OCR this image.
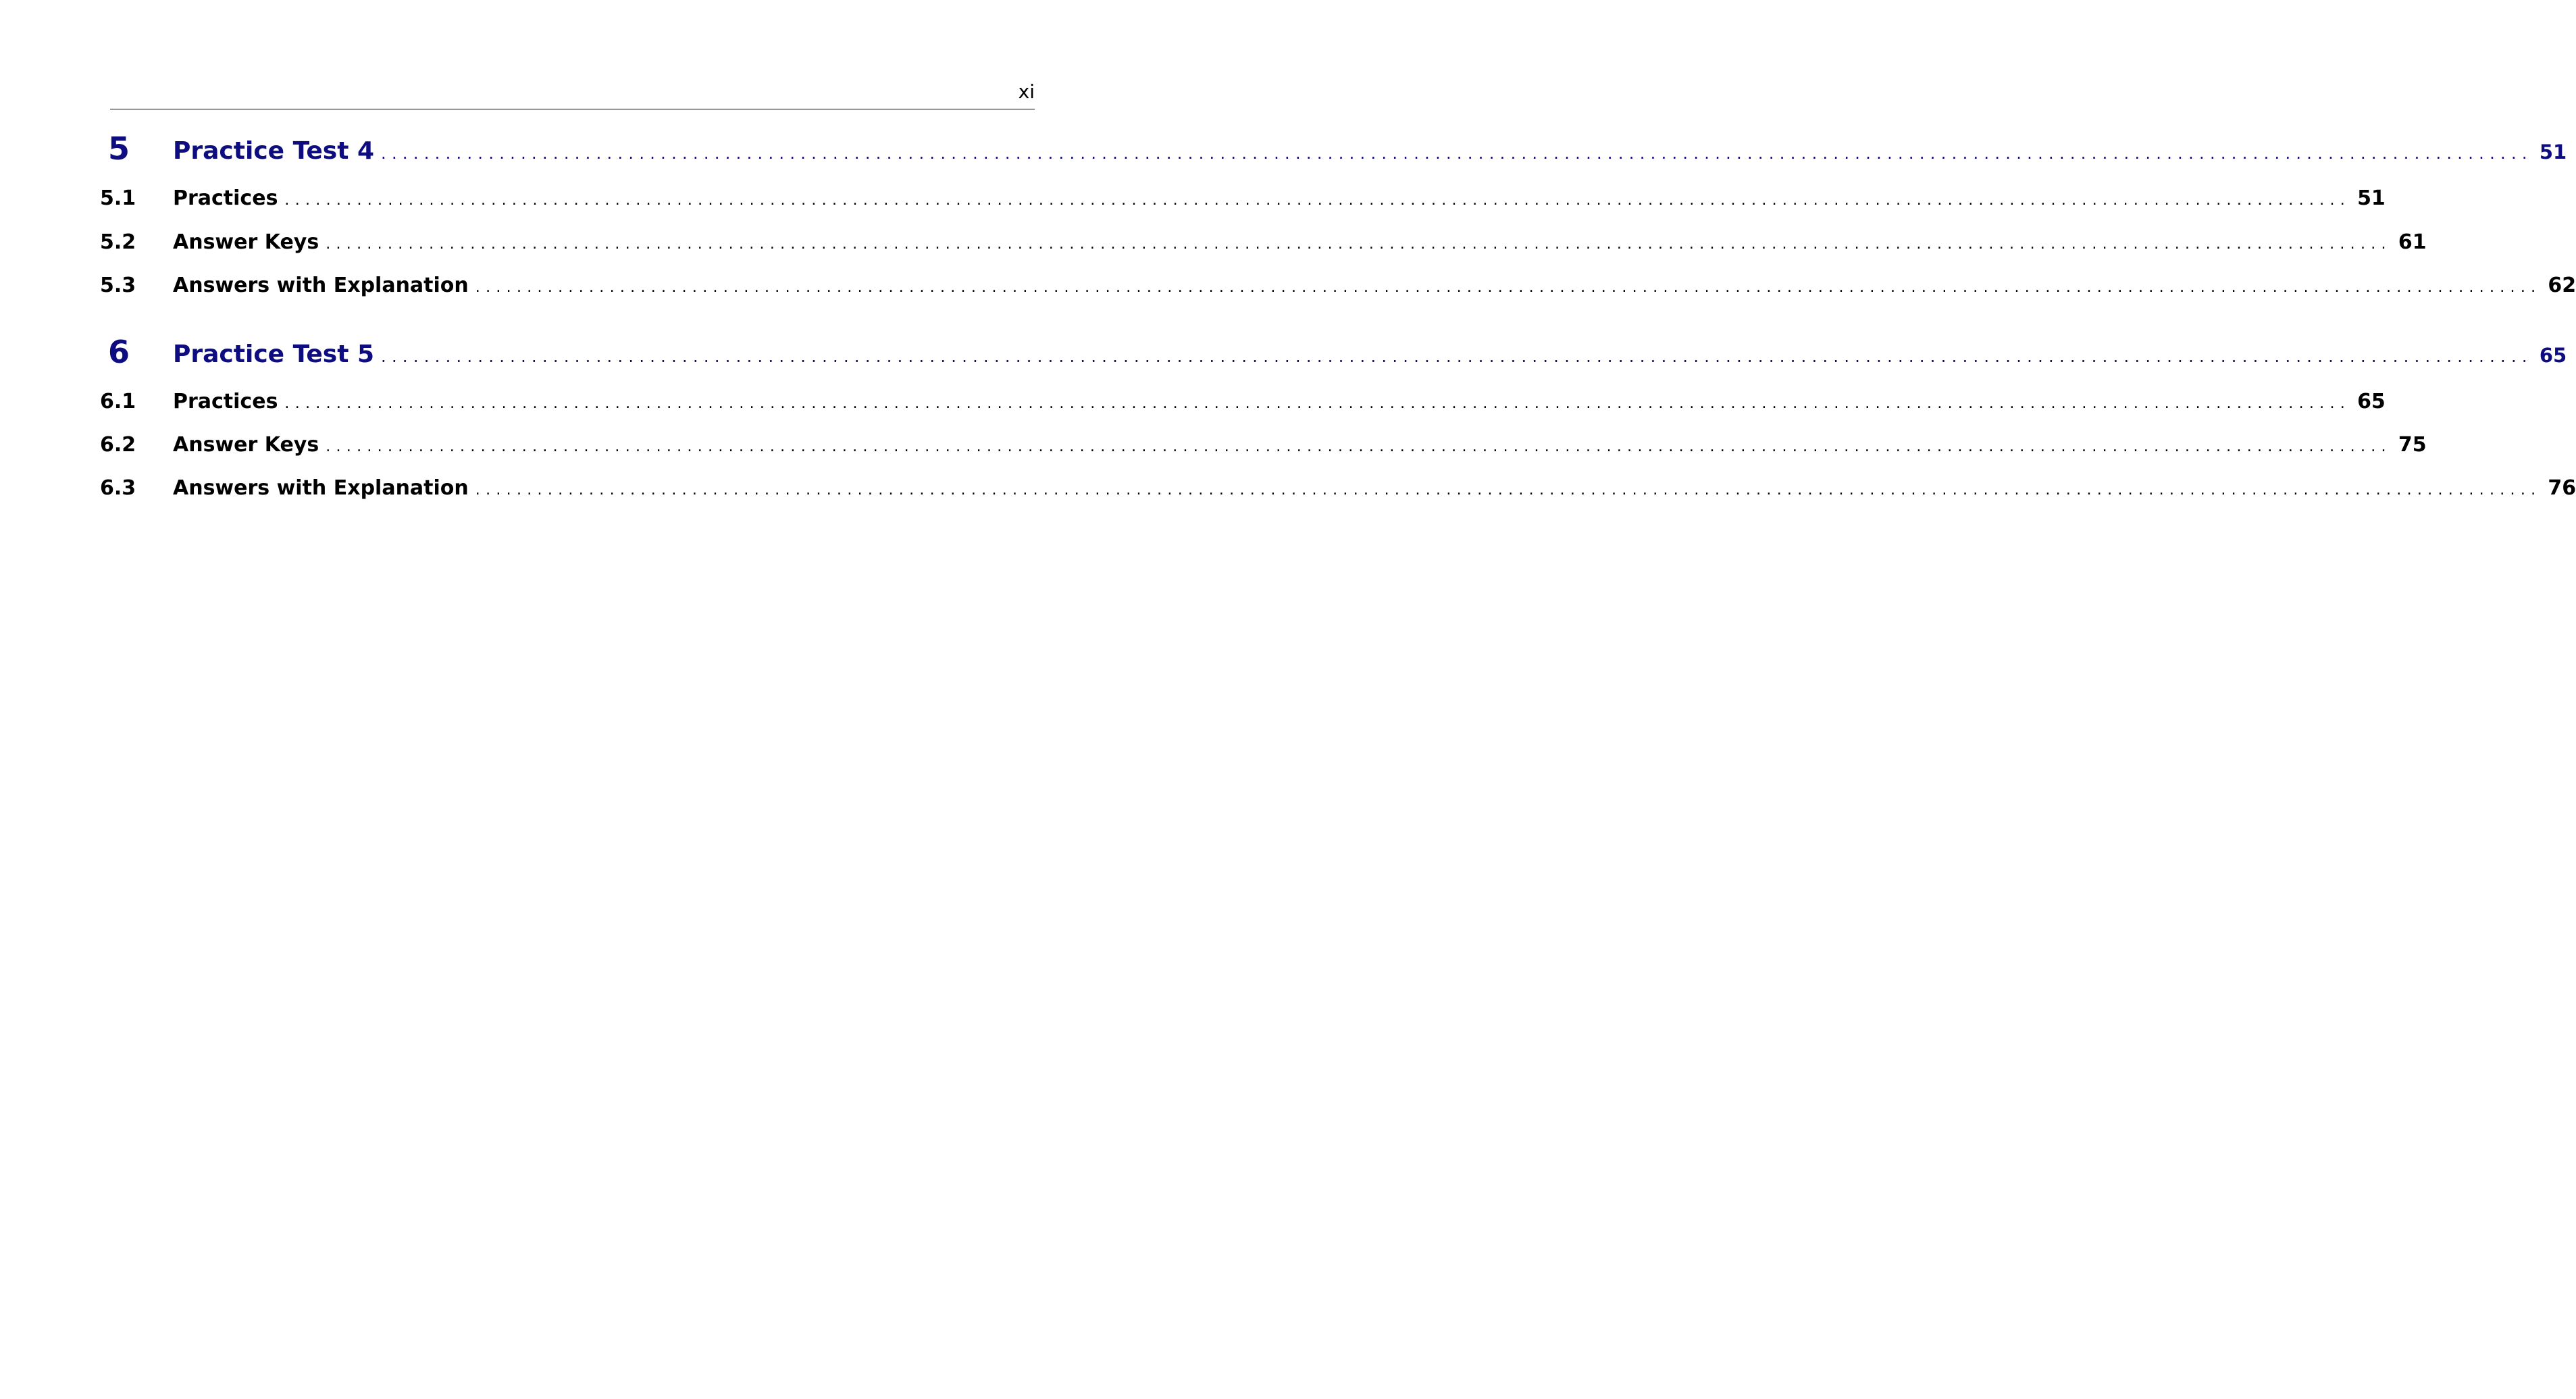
xi
5 Practice Test 4 ........................................................................................................................................................................................................ 51
5.1 Practices ........................................................................................................................................................................................................ 51
5.2 Answer Keys ........................................................................................................................................................................................................ 61
5.3 Answers with Explanation ........................................................................................................................................................................................................ 62
6 Practice Test 5 ........................................................................................................................................................................................................ 65
6.1 Practices ........................................................................................................................................................................................................ 65
6.2 Answer Keys ........................................................................................................................................................................................................ 75
6.3 Answers with Explanation ........................................................................................................................................................................................................ 76
